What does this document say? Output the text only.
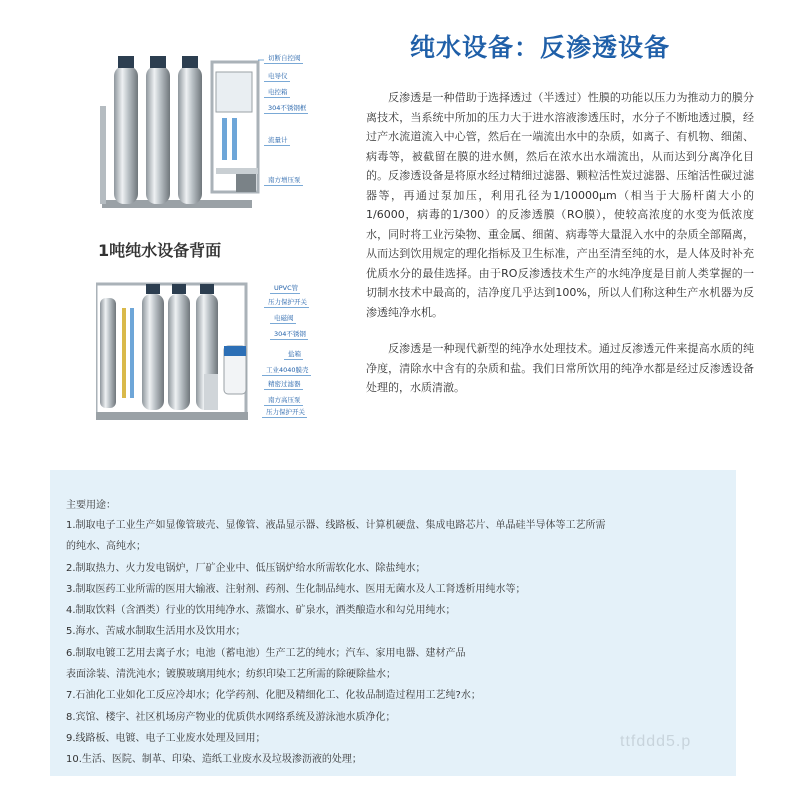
纯水设备：反渗透设备
切断自控阀
电导仪
电控箱
304不锈钢框
流量计
南方增压泵
1吨纯水设备背面
UPVC管
压力保护开关
电磁阀
304不锈钢
盐箱
工业4040膜壳
精密过滤器
南方高压泵
压力保护开关
反渗透是一种借助于选择透过（半透过）性膜的功能以压力为推动力的膜分离技术，当系统中所加的压力大于进水溶液渗透压时，水分子不断地透过膜，经过产水流道流入中心管，然后在一端流出水中的杂质，如离子、有机物、细菌、病毒等，被截留在膜的进水侧，然后在浓水出水端流出，从而达到分离净化目的。反渗透设备是将原水经过精细过滤器、颗粒活性炭过滤器、压缩活性碳过滤器等，再通过泵加压，利用孔径为1/10000μm（相当于大肠杆菌大小的1/6000，病毒的1/300）的反渗透膜（RO膜），使较高浓度的水变为低浓度水，同时将工业污染物、重金属、细菌、病毒等大量混入水中的杂质全部隔离，从而达到饮用规定的理化指标及卫生标准，产出至清至纯的水，是人体及时补充优质水分的最佳选择。由于RO反渗透技术生产的水纯净度是目前人类掌握的一切制水技术中最高的，洁净度几乎达到100%，所以人们称这种生产水机器为反渗透纯净水机。
反渗透是一种现代新型的纯净水处理技术。通过反渗透元件来提高水质的纯净度，清除水中含有的杂质和盐。我们日常所饮用的纯净水都是经过反渗透设备处理的，水质清澈。
主要用途：
1.制取电子工业生产如显像管玻壳、显像管、液晶显示器、线路板、计算机硬盘、集成电路芯片、单晶硅半导体等工艺所需
的纯水、高纯水；
2.制取热力、火力发电锅炉，厂矿企业中、低压锅炉给水所需软化水、除盐纯水；
3.制取医药工业所需的医用大输液、注射剂、药剂、生化制品纯水、医用无菌水及人工肾透析用纯水等；
4.制取饮料（含酒类）行业的饮用纯净水、蒸馏水、矿泉水，酒类酿造水和勾兑用纯水；
5.海水、苦咸水制取生活用水及饮用水；
6.制取电镀工艺用去离子水；电池（蓄电池）生产工艺的纯水；汽车、家用电器、建材产品
表面涂装、清洗沌水；镀膜玻璃用纯水；纺织印染工艺所需的除硬除盐水；
7.石油化工业如化工反应冷却水；化学药剂、化肥及精细化工、化妆品制造过程用工艺纯?水；
8.宾馆、楼宇、社区机场房产物业的优质供水网络系统及游泳池水质净化；
9.线路板、电镀、电子工业废水处理及回用；
10.生活、医院、制革、印染、造纸工业废水及垃圾渗沥液的处理；
ttfddd5.p
